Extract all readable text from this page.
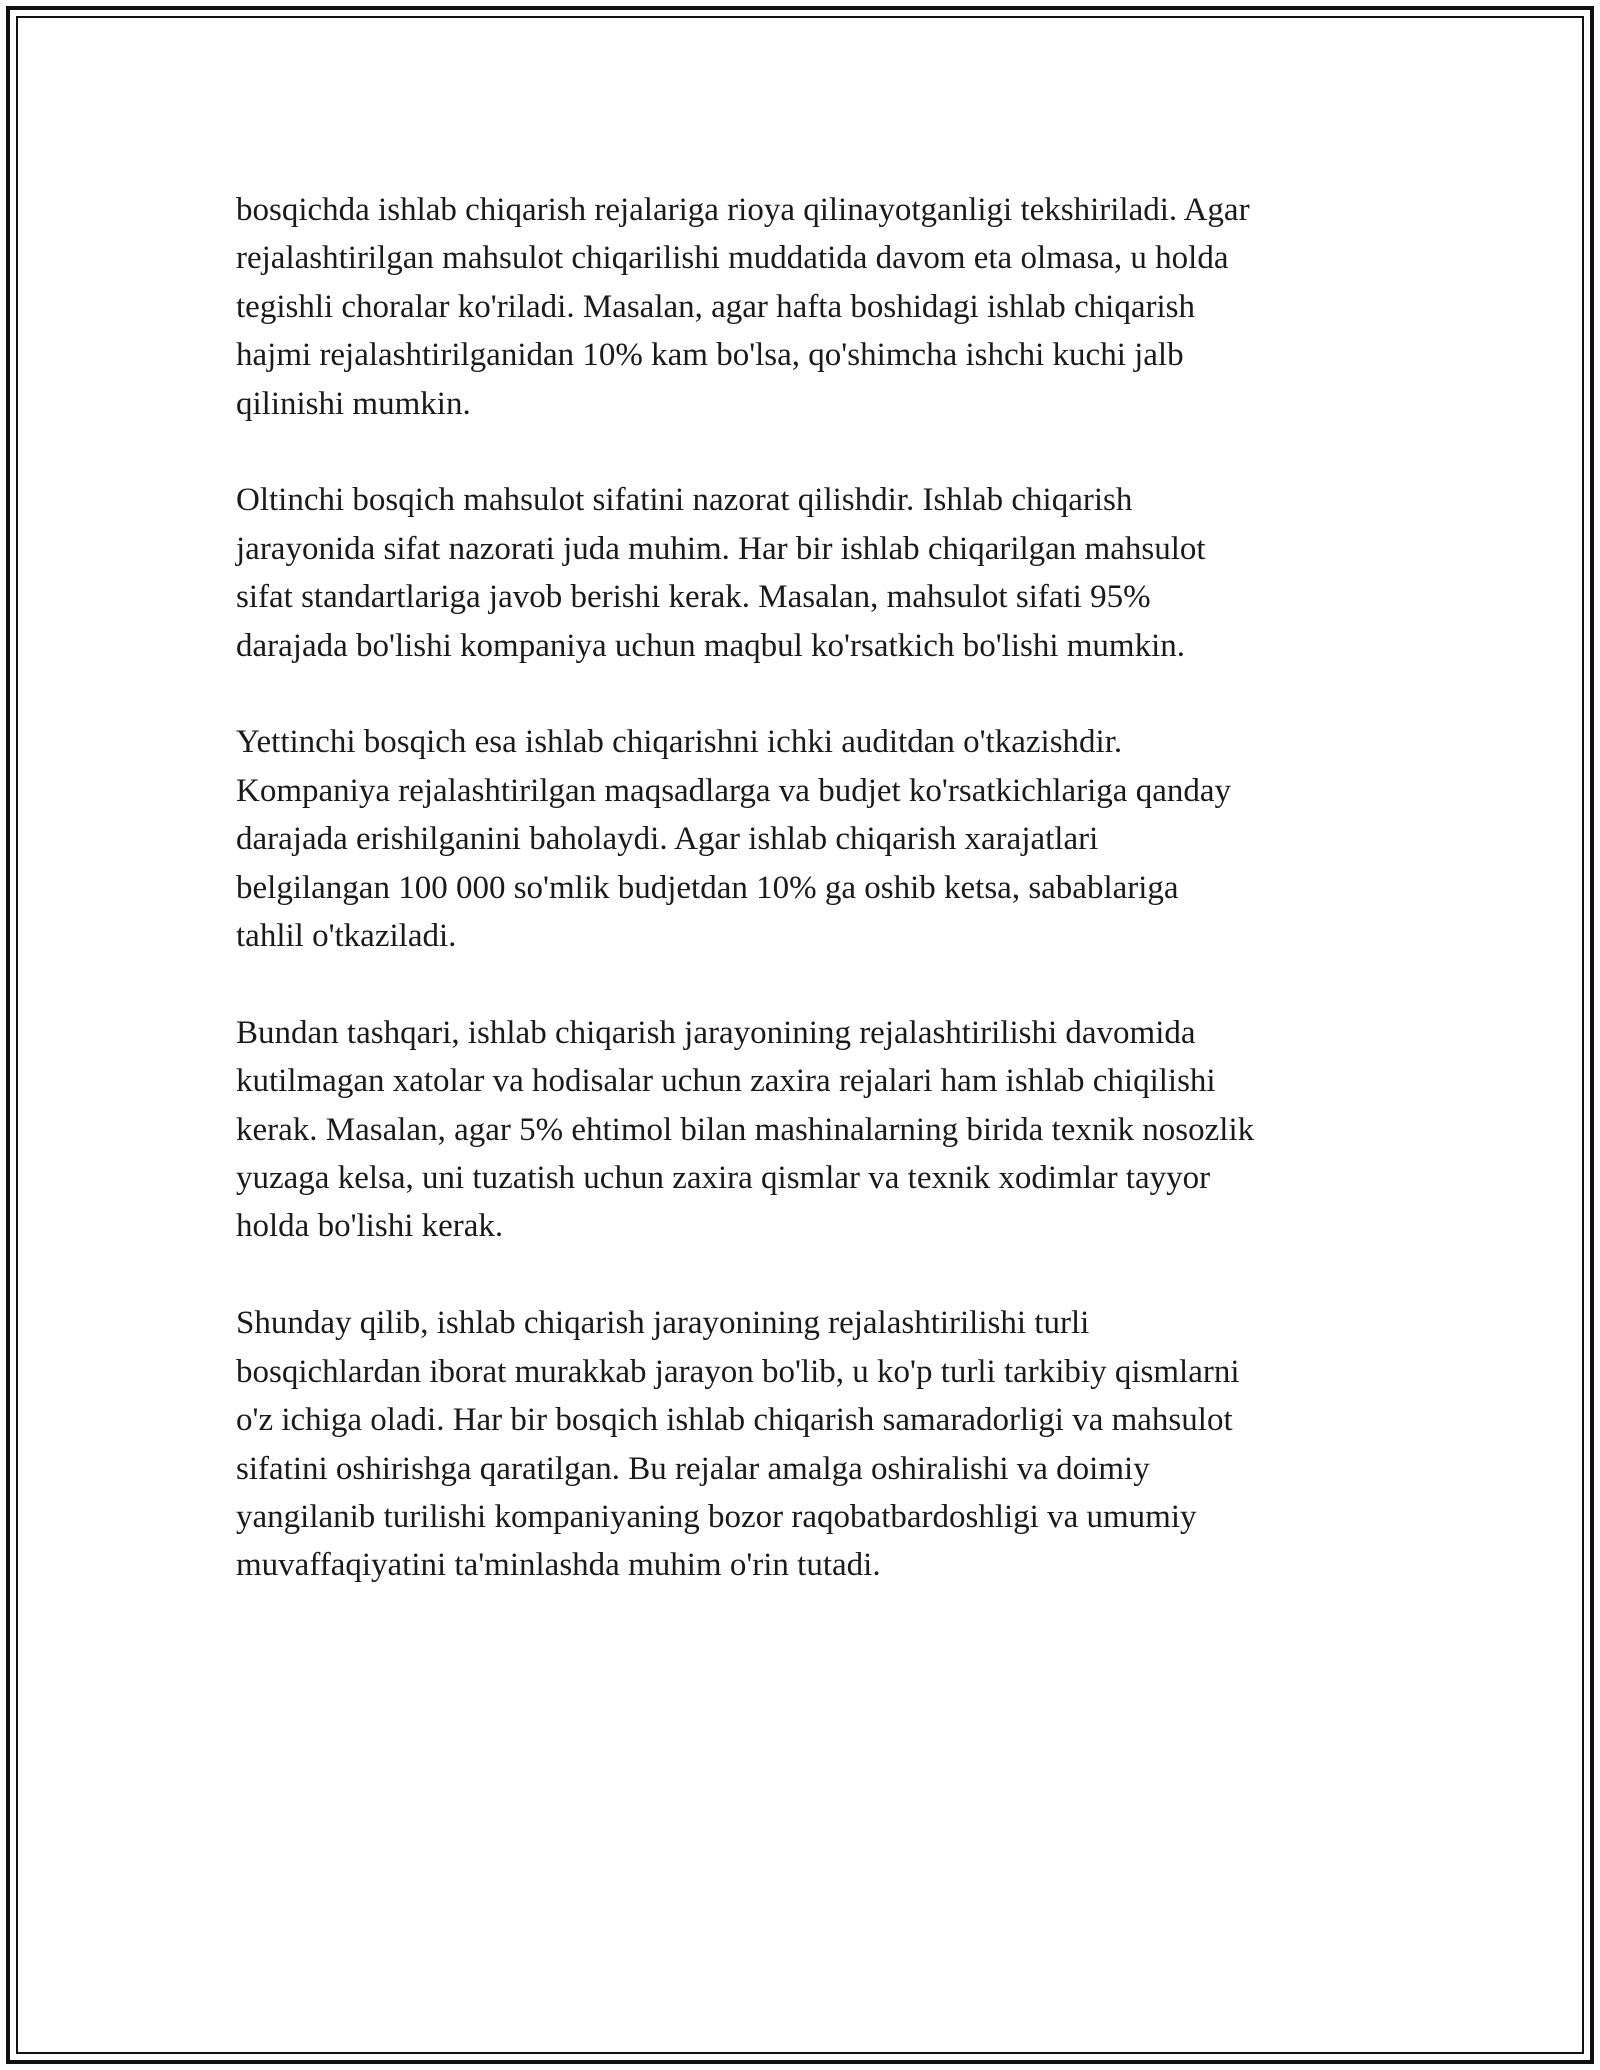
bosqichda ishlab chiqarish rejalariga rioya qilinayotganligi tekshiriladi. Agar
rejalashtirilgan mahsulot chiqarilishi muddatida davom eta olmasa, u holda
tegishli choralar ko'riladi. Masalan, agar hafta boshidagi ishlab chiqarish
hajmi rejalashtirilganidan 10% kam bo'lsa, qo'shimcha ishchi kuchi jalb
qilinishi mumkin.

Oltinchi bosqich mahsulot sifatini nazorat qilishdir. Ishlab chiqarish
jarayonida sifat nazorati juda muhim. Har bir ishlab chiqarilgan mahsulot
sifat standartlariga javob berishi kerak. Masalan, mahsulot sifati 95%
darajada bo'lishi kompaniya uchun maqbul ko'rsatkich bo'lishi mumkin.

Yettinchi bosqich esa ishlab chiqarishni ichki auditdan o'tkazishdir.
Kompaniya rejalashtirilgan maqsadlarga va budjet ko'rsatkichlariga qanday
darajada erishilganini baholaydi. Agar ishlab chiqarish xarajatlari
belgilangan 100 000 so'mlik budjetdan 10% ga oshib ketsa, sabablariga
tahlil o'tkaziladi.

Bundan tashqari, ishlab chiqarish jarayonining rejalashtirilishi davomida
kutilmagan xatolar va hodisalar uchun zaxira rejalari ham ishlab chiqilishi
kerak. Masalan, agar 5% ehtimol bilan mashinalarning birida texnik nosozlik
yuzaga kelsa, uni tuzatish uchun zaxira qismlar va texnik xodimlar tayyor
holda bo'lishi kerak.

Shunday qilib, ishlab chiqarish jarayonining rejalashtirilishi turli
bosqichlardan iborat murakkab jarayon bo'lib, u ko'p turli tarkibiy qismlarni
o'z ichiga oladi. Har bir bosqich ishlab chiqarish samaradorligi va mahsulot
sifatini oshirishga qaratilgan. Bu rejalar amalga oshiralishi va doimiy
yangilanib turilishi kompaniyaning bozor raqobatbardoshligi va umumiy
muvaffaqiyatini ta'minlashda muhim o'rin tutadi.
